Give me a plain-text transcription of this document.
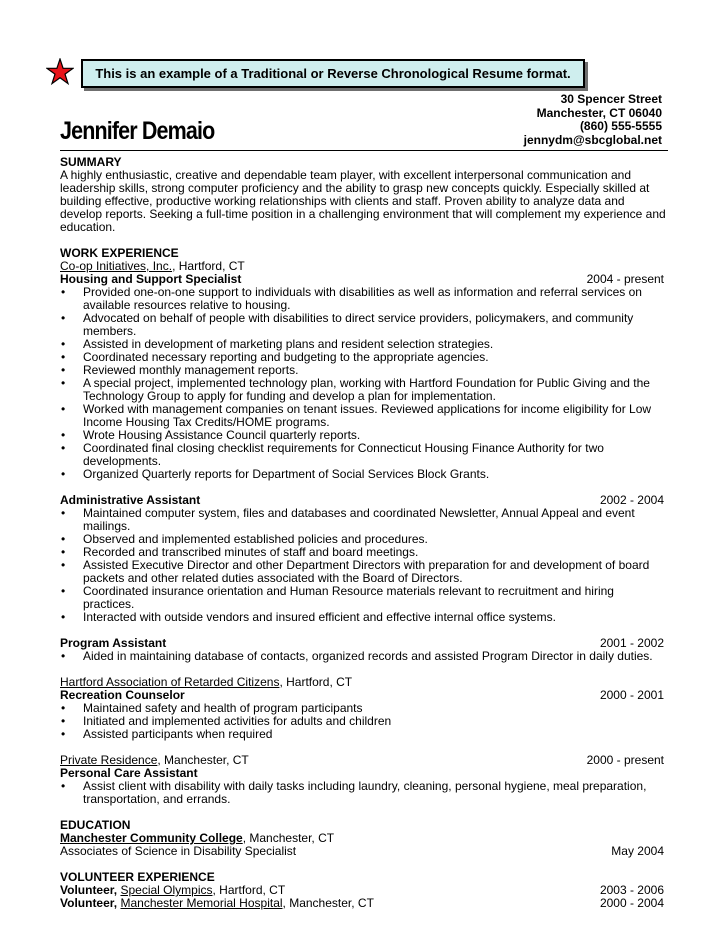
This is an example of a Traditional or Reverse Chronological Resume format.
Jennifer Demaio
30 Spencer Street
Manchester, CT 06040
(860) 555-5555
jennydm@sbcglobal.net
SUMMARY

A highly enthusiastic, creative and dependable team player, with excellent interpersonal communication and leadership skills, strong computer proficiency and the ability to grasp new concepts quickly. Especially skilled at building effective, productive working relationships with clients and staff. Proven ability to analyze data and develop reports. Seeking a full-time position in a challenging environment that will complement my experience and education.

WORK EXPERIENCE
Co-op Initiatives, Inc., Hartford, CT
Housing and Support Specialist	2004 - present
• Provided one-on-one support to individuals with disabilities as well as information and referral services on available resources relative to housing.
• Advocated on behalf of people with disabilities to direct service providers, policymakers, and community members.
• Assisted in development of marketing plans and resident selection strategies.
• Coordinated necessary reporting and budgeting to the appropriate agencies.
• Reviewed monthly management reports.
• A special project, implemented technology plan, working with Hartford Foundation for Public Giving and the Technology Group to apply for funding and develop a plan for implementation.
• Worked with management companies on tenant issues. Reviewed applications for income eligibility for Low Income Housing Tax Credits/HOME programs.
• Wrote Housing Assistance Council quarterly reports.
• Coordinated final closing checklist requirements for Connecticut Housing Finance Authority for two developments.
• Organized Quarterly reports for Department of Social Services Block Grants.
Administrative Assistant	2002 - 2004
• Maintained computer system, files and databases and coordinated Newsletter, Annual Appeal and event mailings.
• Observed and implemented established policies and procedures.
• Recorded and transcribed minutes of staff and board meetings.
• Assisted Executive Director and other Department Directors with preparation for and development of board packets and other related duties associated with the Board of Directors.
• Coordinated insurance orientation and Human Resource materials relevant to recruitment and hiring practices.
• Interacted with outside vendors and insured efficient and effective internal office systems.
Program Assistant	2001 - 2002
• Aided in maintaining database of contacts, organized records and assisted Program Director in daily duties.
Hartford Association of Retarded Citizens, Hartford, CT
Recreation Counselor	2000 - 2001
• Maintained safety and health of program participants
• Initiated and implemented activities for adults and children
• Assisted participants when required
Private Residence, Manchester, CT	2000 - present
Personal Care Assistant
• Assist client with disability with daily tasks including laundry, cleaning, personal hygiene, meal preparation, transportation, and errands.
EDUCATION
Manchester Community College, Manchester, CT
Associates of Science in Disability Specialist	May 2004
VOLUNTEER EXPERIENCE
Volunteer, Special Olympics, Hartford, CT	2003 - 2006
Volunteer, Manchester Memorial Hospital, Manchester, CT	2000 - 2004
